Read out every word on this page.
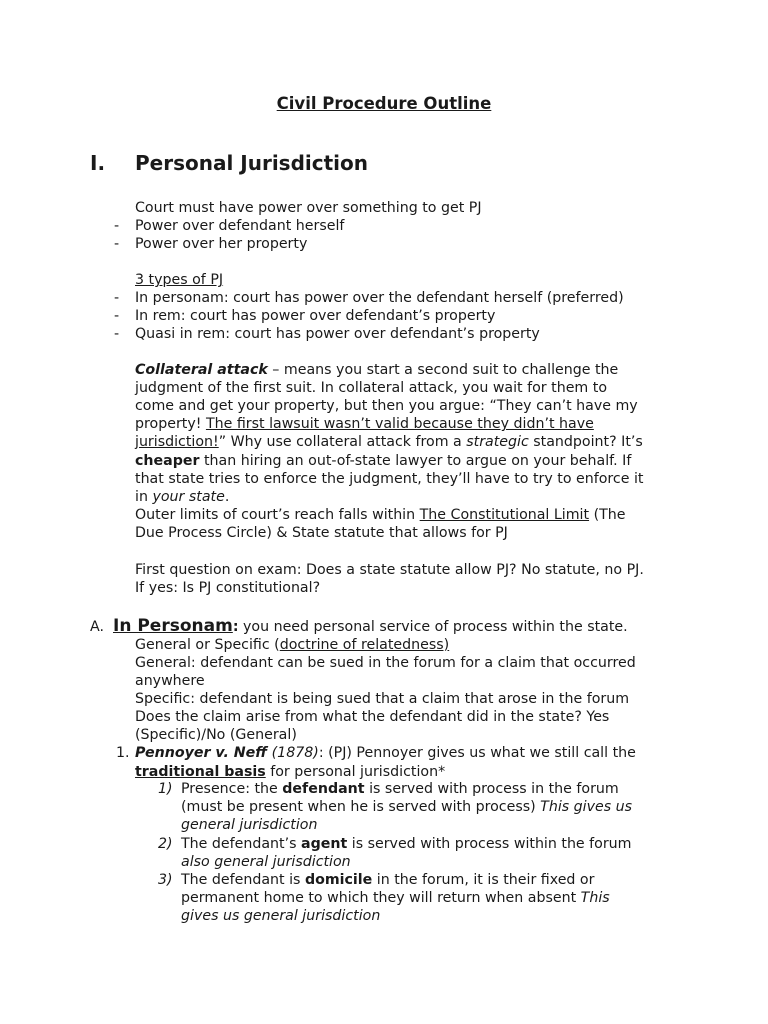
Civil Procedure Outline
I. Personal Jurisdiction
Court must have power over something to get PJ
- Power over defendant herself
- Power over her property
3 types of PJ
- In personam: court has power over the defendant herself (preferred)
- In rem: court has power over defendant’s property
- Quasi in rem: court has power over defendant’s property
Collateral attack – means you start a second suit to challenge the
judgment of the first suit. In collateral attack, you wait for them to
come and get your property, but then you argue: “They can’t have my
property! The first lawsuit wasn’t valid because they didn’t have
jurisdiction!” Why use collateral attack from a strategic standpoint? It’s
cheaper than hiring an out-of-state lawyer to argue on your behalf. If
that state tries to enforce the judgment, they’ll have to try to enforce it
in your state.
Outer limits of court’s reach falls within The Constitutional Limit (The
Due Process Circle) & State statute that allows for PJ
First question on exam: Does a state statute allow PJ? No statute, no PJ.
If yes: Is PJ constitutional?
A. In Personam: you need personal service of process within the state.
General or Specific (doctrine of relatedness)
General: defendant can be sued in the forum for a claim that occurred
anywhere
Specific: defendant is being sued that a claim that arose in the forum
Does the claim arise from what the defendant did in the state? Yes
(Specific)/No (General)
1. Pennoyer v. Neff (1878): (PJ) Pennoyer gives us what we still call the
traditional basis for personal jurisdiction*
1) Presence: the defendant is served with process in the forum
(must be present when he is served with process) This gives us
general jurisdiction
2) The defendant’s agent is served with process within the forum
also general jurisdiction
3) The defendant is domicile in the forum, it is their fixed or
permanent home to which they will return when absent This
gives us general jurisdiction
